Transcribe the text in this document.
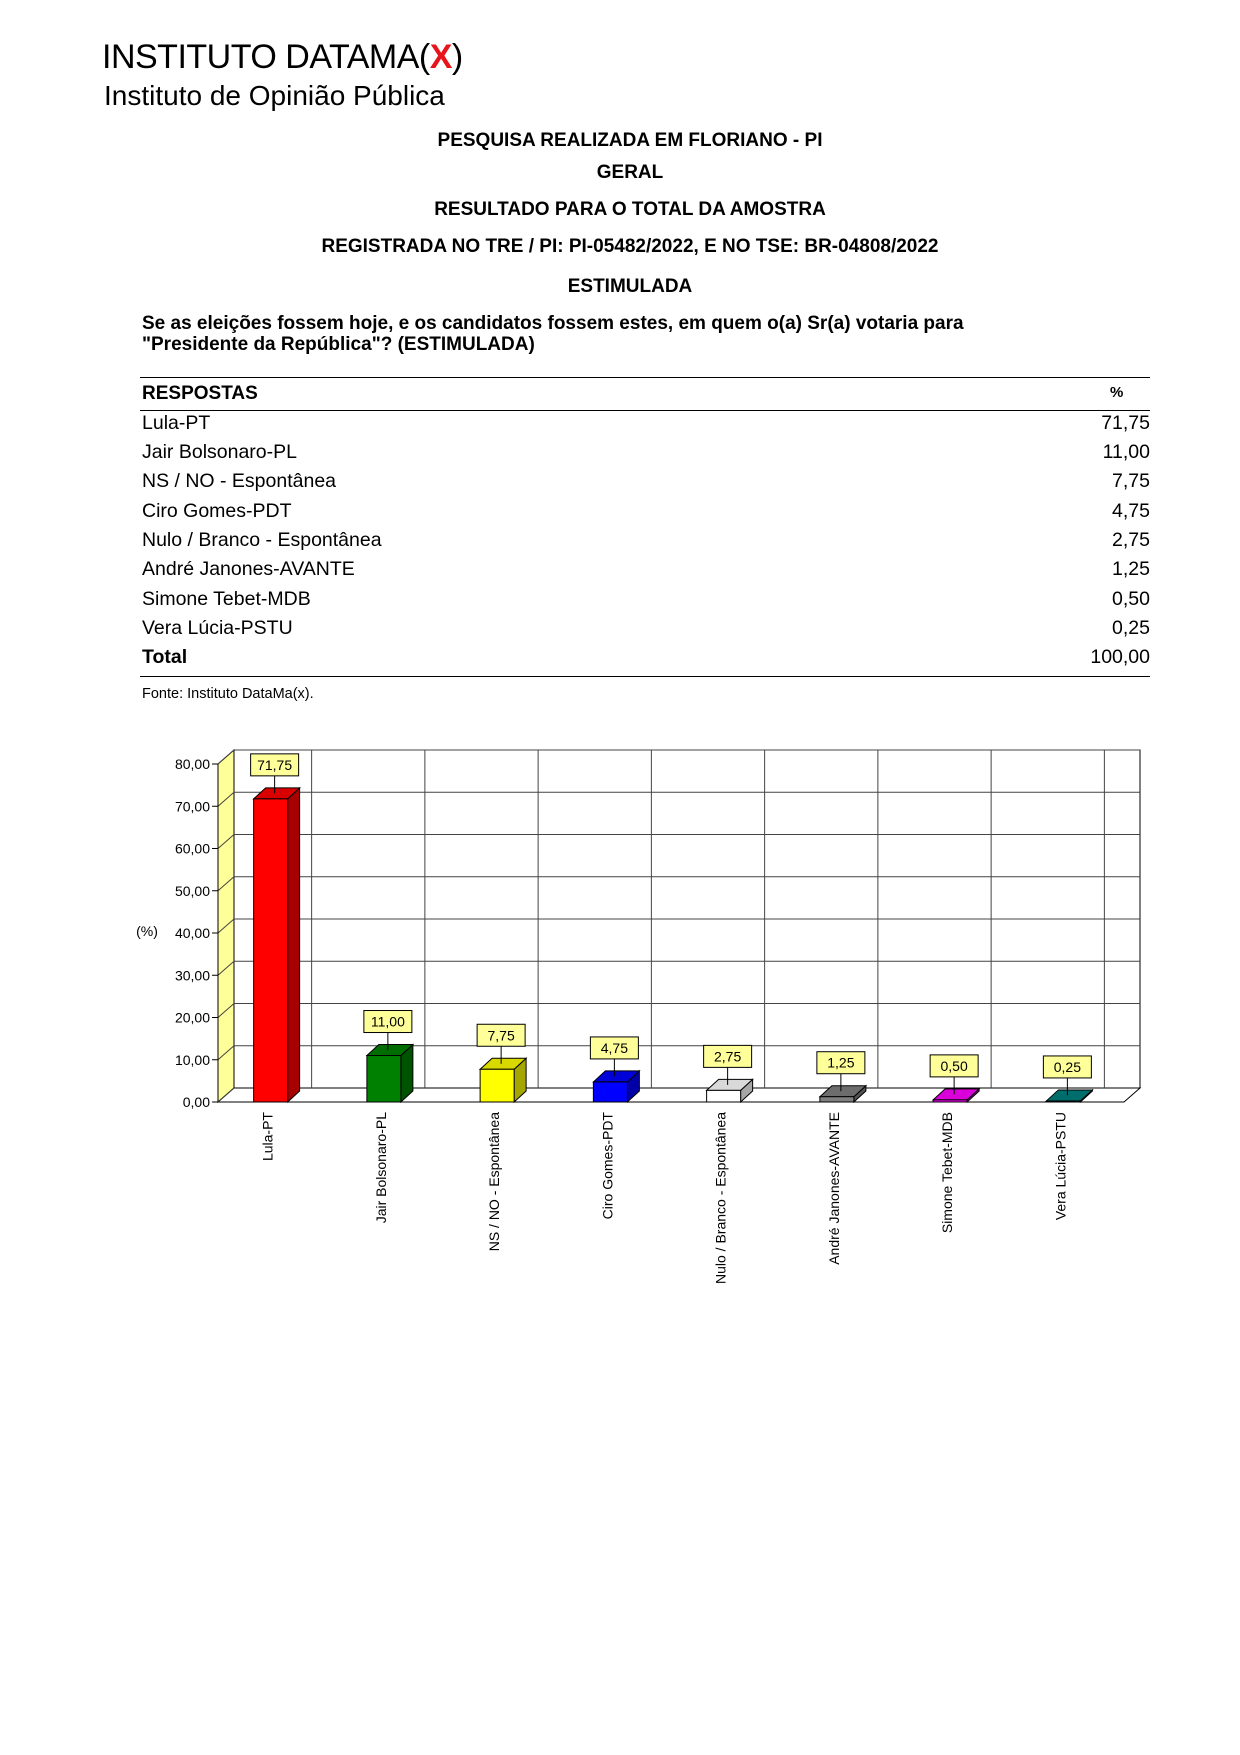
INSTITUTO DATAMA(X)
Instituto de Opinião Pública
PESQUISA REALIZADA EM FLORIANO - PI
GERAL
RESULTADO PARA O TOTAL DA AMOSTRA
REGISTRADA NO TRE / PI: PI-05482/2022, E NO TSE: BR-04808/2022
ESTIMULADA
Se as eleições fossem hoje, e os candidatos fossem estes, em quem o(a) Sr(a) votaria para
"Presidente da República"? (ESTIMULADA)
RESPOSTAS	%
Lula-PT	71,75
Jair Bolsonaro-PL	11,00
NS / NO - Espontânea	7,75
Ciro Gomes-PDT	4,75
Nulo / Branco - Espontânea	2,75
André Janones-AVANTE	1,25
Simone Tebet-MDB	0,50
Vera Lúcia-PSTU	0,25
Total	100,00
Fonte: Instituto DataMa(x).
0,00
10,00
20,00
30,00
40,00
50,00
60,00
70,00
80,00
(%)
71,75
Lula-PT
11,00
Jair Bolsonaro-PL
7,75
NS / NO - Espontânea
4,75
Ciro Gomes-PDT
2,75
Nulo / Branco - Espontânea
1,25
André Janones-AVANTE
0,50
Simone Tebet-MDB
0,25
Vera Lúcia-PSTU
